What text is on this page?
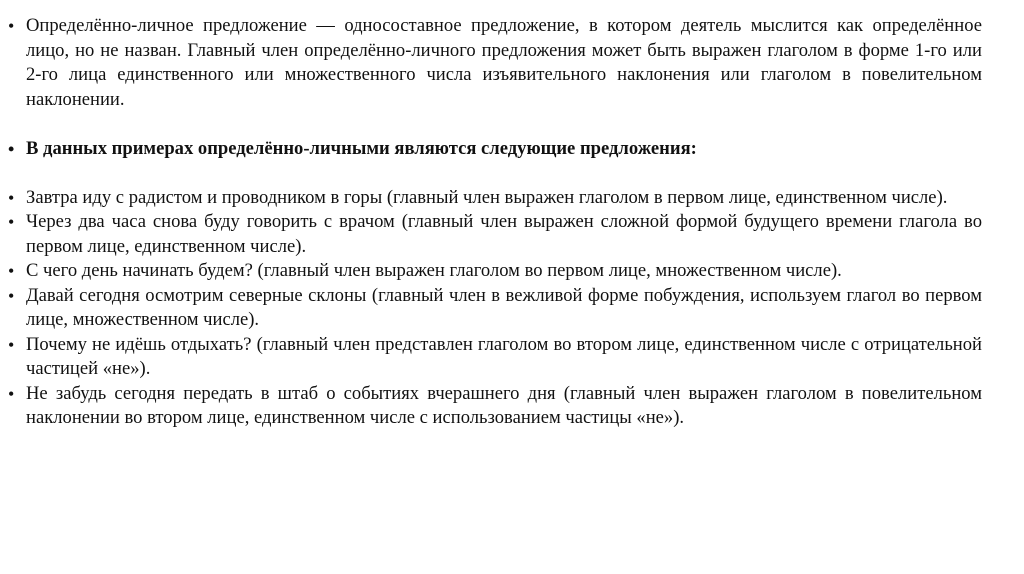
• Определённо-личное предложение — односоставное предложение, в котором деятель мыслится как определённое лицо, но не назван. Главный член определённо-личного предложения может быть выражен глаголом в форме 1-го или 2-го лица единственного или множественного числа изъявительного наклонения или глаголом в повелительном наклонении.
• В данных примерах определённо-личными являются следующие предложения:
• Завтра иду с радистом и проводником в горы (главный член выражен глаголом в первом лице, единственном числе).
• Через два часа снова буду говорить с врачом (главный член выражен сложной формой будущего времени глагола во первом лице, единственном числе).
• С чего день начинать будем? (главный член выражен глаголом во первом лице, множественном числе).
• Давай сегодня осмотрим северные склоны (главный член в вежливой форме побуждения, используем глагол во первом лице, множественном числе).
• Почему не идёшь отдыхать? (главный член представлен глаголом во втором лице, единственном числе с отрицательной частицей «не»).
• Не забудь сегодня передать в штаб о событиях вчерашнего дня (главный член выражен глаголом в повелительном наклонении во втором лице, единственном числе с использованием частицы «не»).
